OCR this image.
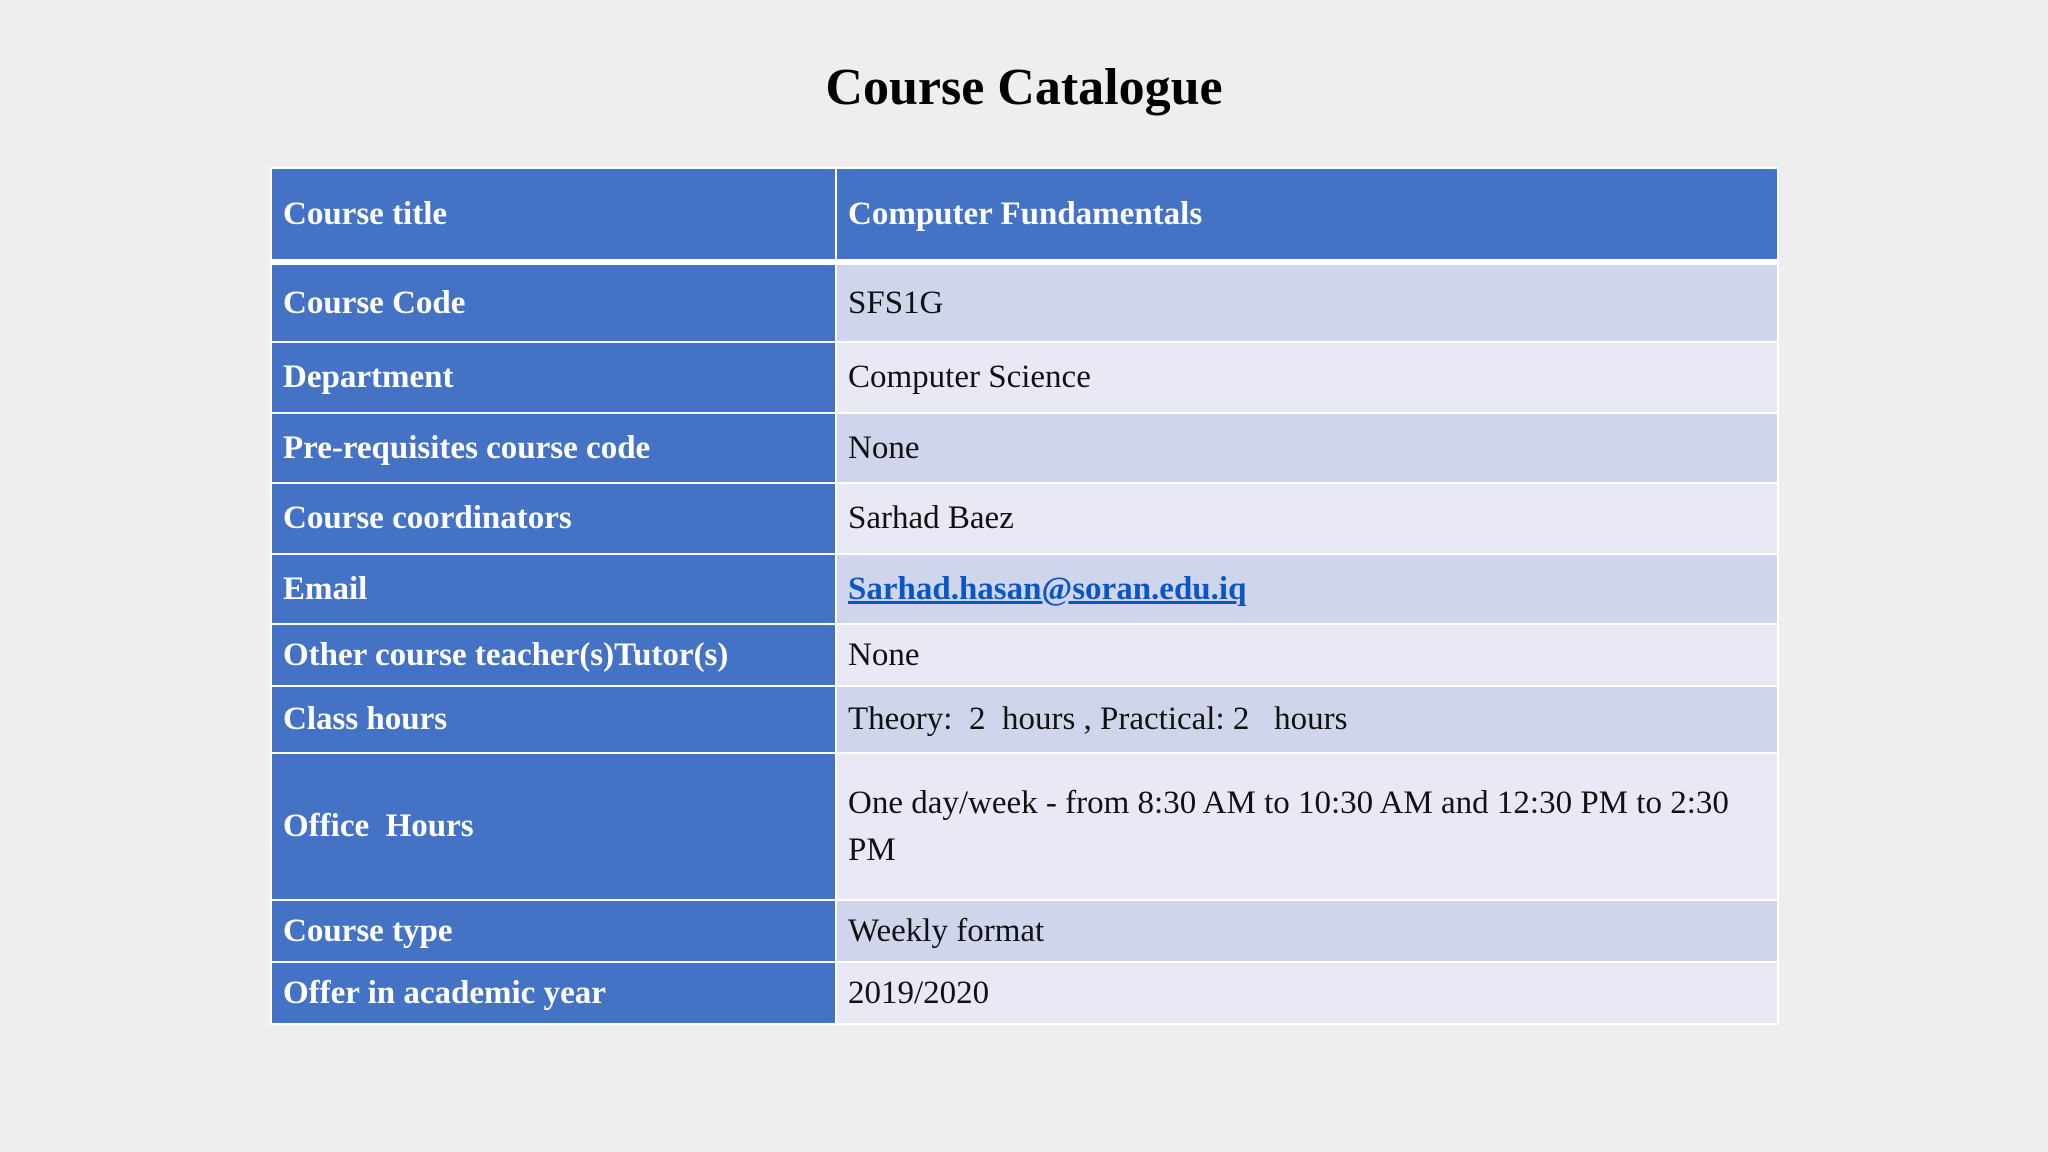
Course Catalogue
Course title	Computer Fundamentals
Course Code	SFS1G
Department	Computer Science
Pre-requisites course code	None
Course coordinators	Sarhad Baez
Email	Sarhad.hasan@soran.edu.iq
Other course teacher(s)Tutor(s)	None
Class hours	Theory:  2  hours , Practical: 2   hours
Office  Hours	One day/week - from 8:30 AM to 10:30 AM and 12:30 PM to 2:30 PM
Course type	Weekly format
Offer in academic year	2019/2020
